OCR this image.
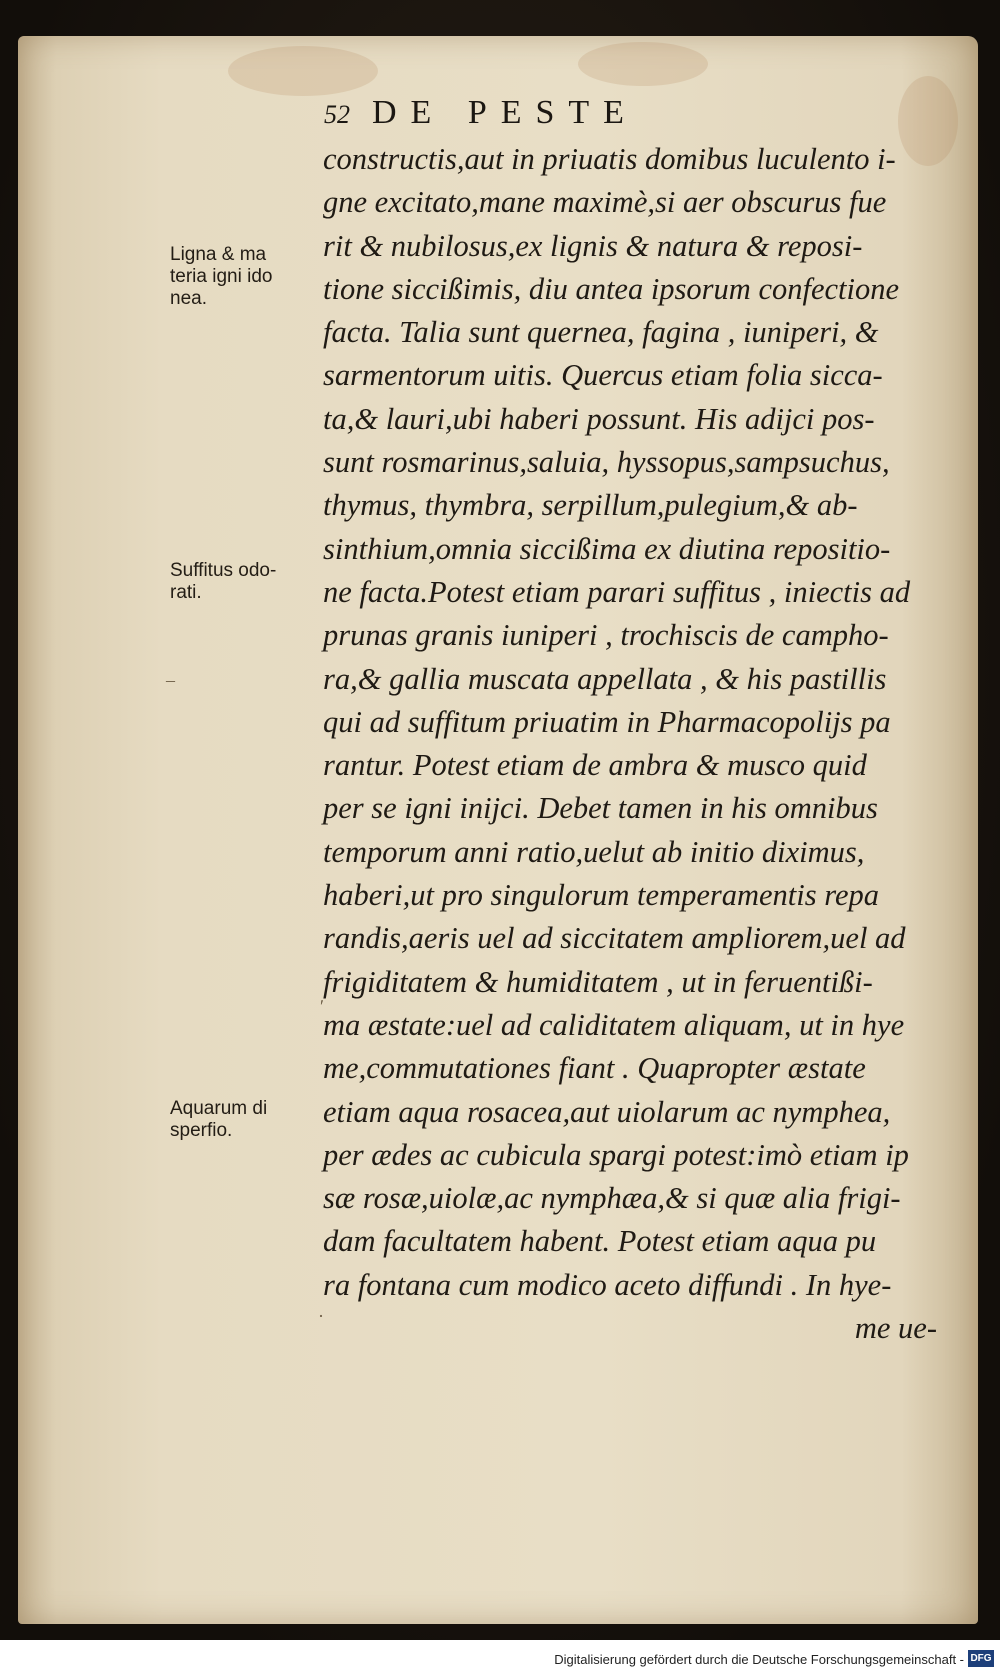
52 DE PESTE
constructis,aut in priuatis domibus luculento i-
gne excitato,mane maximè,si aer obscurus fue
rit & nubilosus,ex lignis & natura & reposi-
tione siccißimis, diu antea ipsorum confectione
facta. Talia sunt quernea, fagina , iuniperi, &
sarmentorum uitis. Quercus etiam folia sicca-
ta,& lauri,ubi haberi possunt. His adijci pos-
sunt rosmarinus,saluia, hyssopus,sampsuchus,
thymus, thymbra, serpillum,pulegium,& ab-
sinthium,omnia siccißima ex diutina repositio-
ne facta.Potest etiam parari suffitus , iniectis ad
prunas granis iuniperi , trochiscis de campho-
ra,& gallia muscata appellata , & his pastillis
qui ad suffitum priuatim in Pharmacopolijs pa
rantur. Potest etiam de ambra & musco quid
per se igni inijci. Debet tamen in his omnibus
temporum anni ratio,uelut ab initio diximus,
haberi,ut pro singulorum temperamentis repa
randis,aeris uel ad siccitatem ampliorem,uel ad
frigiditatem & humiditatem , ut in feruentißi-
ma æstate:uel ad caliditatem aliquam, ut in hye
me,commutationes fiant . Quapropter æstate
etiam aqua rosacea,aut uiolarum ac nymphea,
per ædes ac cubicula spargi potest:imò etiam ip
sæ rosæ,uiolæ,ac nymphæa,& si quæ alia frigi-
dam facultatem habent. Potest etiam aqua pu
ra fontana cum modico aceto diffundi . In hye-
me ue-
Ligna & ma
teria igni ido
nea.
Suffitus odo-
rati.
Aquarum di
sperfio.
–
ʹ
·
Digitalisierung gefördert durch die Deutsche Forschungsgemeinschaft - DFG
